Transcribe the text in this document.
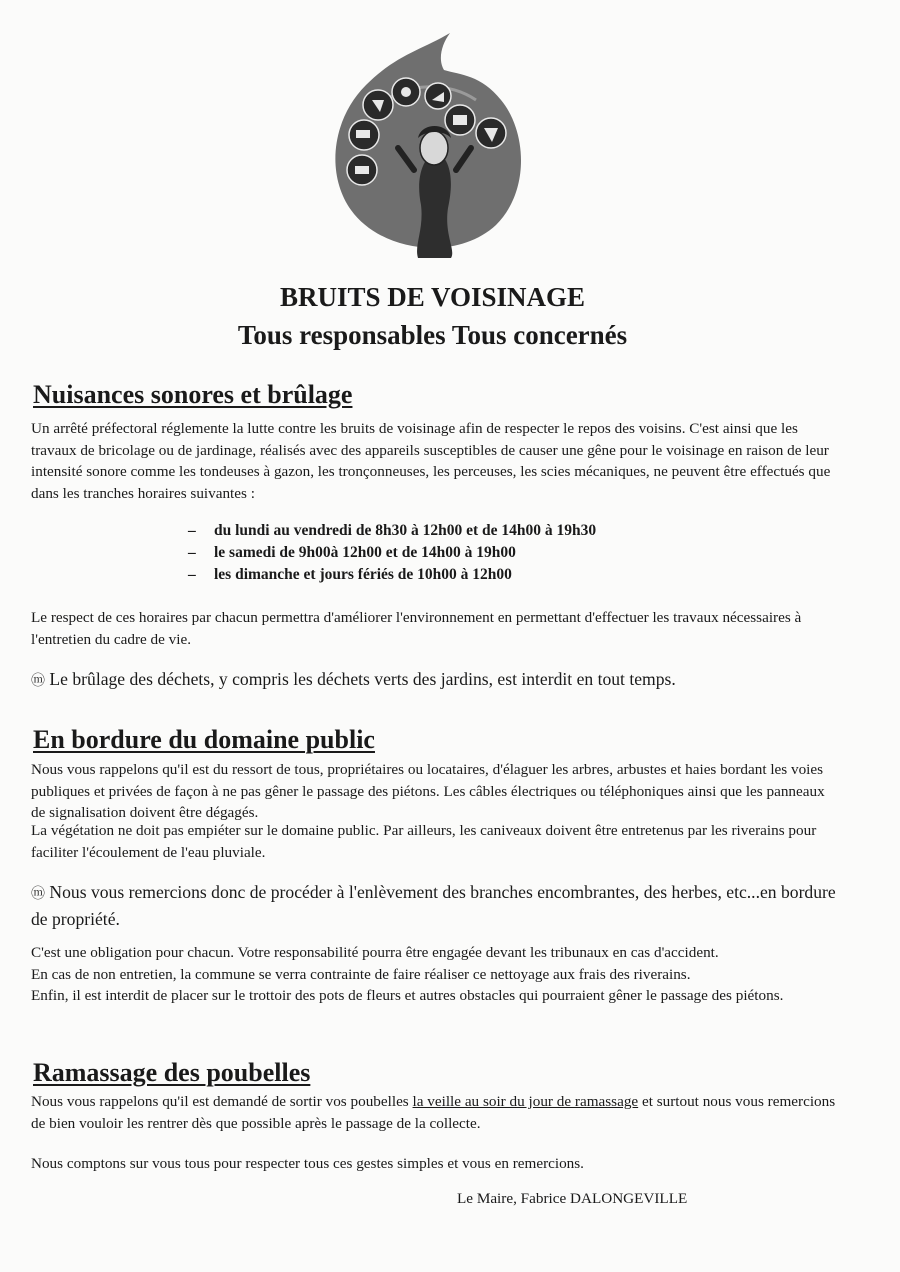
BRUITS DE VOISINAGE
Tous responsables Tous concernés
Nuisances sonores et brûlage
Un arrêté préfectoral réglemente la lutte contre les bruits de voisinage afin de respecter le repos des voisins. C'est ainsi que les travaux de bricolage ou de jardinage, réalisés avec des appareils susceptibles de causer une gêne pour le voisinage en raison de leur intensité sonore comme les tondeuses à gazon, les tronçonneuses, les perceuses, les scies mécaniques, ne peuvent être effectués que dans les tranches horaires suivantes :
– du lundi au vendredi de 8h30 à 12h00 et de 14h00 à 19h30
– le samedi de 9h00à 12h00 et de 14h00 à 19h00
– les dimanche et jours fériés de 10h00 à 12h00
Le respect de ces horaires par chacun permettra d'améliorer l'environnement en permettant d'effectuer les travaux nécessaires à l'entretien du cadre de vie.
ⓜ Le brûlage des déchets, y compris les déchets verts des jardins, est interdit en tout temps.
En bordure du domaine public
Nous vous rappelons qu'il est du ressort de tous, propriétaires ou locataires, d'élaguer les arbres, arbustes et haies bordant les voies publiques et privées de façon à ne pas gêner le passage des piétons. Les câbles électriques ou téléphoniques ainsi que les panneaux de signalisation doivent être dégagés.
La végétation ne doit pas empiéter sur le domaine public. Par ailleurs, les caniveaux doivent être entretenus par les riverains pour faciliter l'écoulement de l'eau pluviale.
ⓜ Nous vous remercions donc de procéder à l'enlèvement des branches encombrantes, des herbes, etc...en bordure de propriété.
C'est une obligation pour chacun. Votre responsabilité pourra être engagée devant les tribunaux en cas d'accident.
En cas de non entretien, la commune se verra contrainte de faire réaliser ce nettoyage aux frais des riverains.
Enfin, il est interdit de placer sur le trottoir des pots de fleurs et autres obstacles qui pourraient gêner le passage des piétons.
Ramassage des poubelles
Nous vous rappelons qu'il est demandé de sortir vos poubelles la veille au soir du jour de ramassage et surtout nous vous remercions de bien vouloir les rentrer dès que possible après le passage de la collecte.
Nous comptons sur vous tous pour respecter tous ces gestes simples et vous en remercions.
Le Maire, Fabrice DALONGEVILLE
